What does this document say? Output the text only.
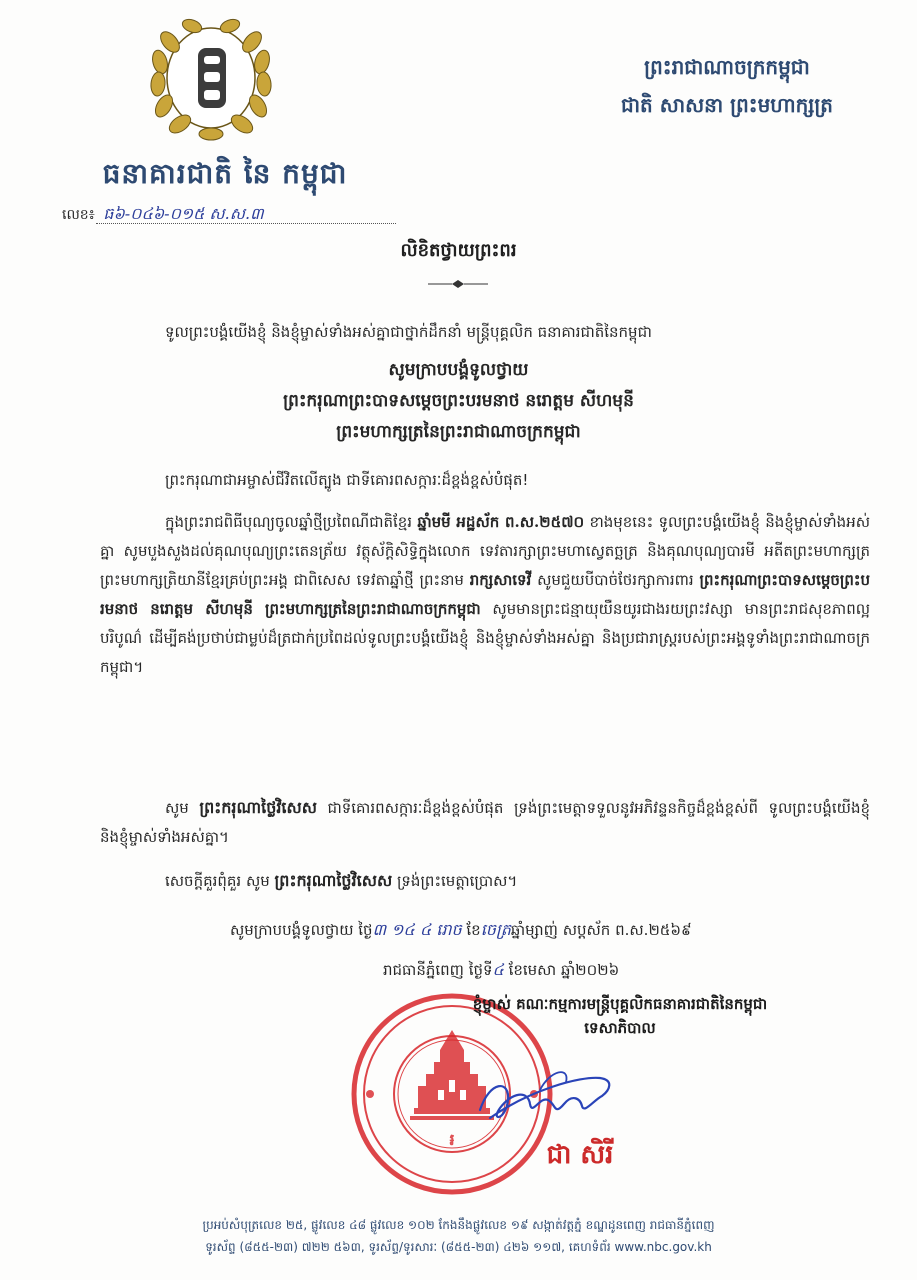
ធនាគារជាតិ នៃ កម្ពុជា
លេខ៖ ធ៦-០៤៦-០១៥ ស.ស.៣
ព្រះរាជាណាចក្រកម្ពុជា
ជាតិ សាសនា ព្រះមហាក្សត្រ
លិខិតថ្វាយព្រះពរ
ទូលព្រះបង្គំយើងខ្ញុំ និងខ្ញុំម្ចាស់ទាំងអស់គ្នាជាថ្នាក់ដឹកនាំ មន្ត្រីបុគ្គលិក ធនាគារជាតិនៃកម្ពុជា
សូមក្រាបបង្គំទូលថ្វាយ
ព្រះករុណាព្រះបាទសម្តេចព្រះបរមនាថ នរោត្តម សីហមុនី
ព្រះមហាក្សត្រនៃព្រះរាជាណាចក្រកម្ពុជា
ព្រះករុណាជាអម្ចាស់ជីវិតលើត្បូង ជាទីគោរពសក្ការៈដ៏ខ្ពង់ខ្ពស់បំផុត!
ក្នុងព្រះរាជពិធីបុណ្យចូលឆ្នាំថ្មីប្រពៃណីជាតិខ្មែរ ឆ្នាំមមី អដ្ឋស័ក ព.ស.២៥៧០ ខាងមុខនេះ ទូលព្រះបង្គំយើងខ្ញុំ និងខ្ញុំម្ចាស់ទាំងអស់គ្នា សូមបួងសួងដល់គុណបុណ្យព្រះតេនត្រ័យ វត្ថុស័ក្តិសិទ្ធិក្នុងលោក ទេវតារក្សាព្រះមហាស្វេតច្ឆត្រ និងគុណបុណ្យបារមី អតីតព្រះមហាក្សត្រ ព្រះមហាក្សត្រិយានីខ្មែរគ្រប់ព្រះអង្គ ជាពិសេស ទេវតាឆ្នាំថ្មី ព្រះនាម រាក្សសាទេវី សូមជួយបីបាច់ថែរក្សាការពារ ព្រះករុណាព្រះបាទសម្តេចព្រះបរមនាថ នរោត្តម សីហមុនី ព្រះមហាក្សត្រនៃព្រះរាជាណាចក្រកម្ពុជា សូមមានព្រះជន្មាយុយឺនយូរជាងរយព្រះវស្សា មានព្រះរាជសុខភាពល្អបរិបូណ៌ ដើម្បីគង់ប្រថាប់ជាម្លប់ដ៏ត្រជាក់ប្រពៃដល់ទូលព្រះបង្គំយើងខ្ញុំ និងខ្ញុំម្ចាស់ទាំងអស់គ្នា និងប្រជារាស្ត្ររបស់ព្រះអង្គទូទាំងព្រះរាជាណាចក្រកម្ពុជា។
សូម ព្រះករុណាថ្លៃវិសេស ជាទីគោរពសក្ការៈដ៏ខ្ពង់ខ្ពស់បំផុត ទ្រង់ព្រះមេត្តាទទួលនូវអភិវន្ទនកិច្ចដ៏ខ្ពង់ខ្ពស់ពី ទូលព្រះបង្គំយើងខ្ញុំ និងខ្ញុំម្ចាស់ទាំងអស់គ្នា។
សេចក្តីគួរពុំគួរ សូម ព្រះករុណាថ្លៃវិសេស ទ្រង់ព្រះមេត្តាប្រោស។
សូមក្រាបបង្គំទូលថ្វាយ ថ្ងៃ៣ ១៤ ៤ រោច ខែចេត្រឆ្នាំម្សាញ់ សប្តស័ក ព.ស.២៥៦៩
រាជធានីភ្នំពេញ ថ្ងៃទី៤ ខែមេសា ឆ្នាំ២០២៦
៛
ខ្ញុំម្ចាស់ គណៈកម្មការមន្ត្រីបុគ្គលិកធនាគារជាតិនៃកម្ពុជា
ទេសាភិបាល
ជា សិរី
ប្រអប់សំបុត្រលេខ ២៥, ផ្លូវលេខ ៤៨ ផ្លូវលេខ ១០២ កែងនឹងផ្លូវលេខ ១៩ សង្កាត់វត្តភ្នំ ខណ្ឌដូនពេញ រាជធានីភ្នំពេញ
ទូរស័ព្ទ (៨៥៥-២៣) ៧២២ ៥៦៣, ទូរស័ព្ទ/ទូរសារៈ (៨៥៥-២៣) ៤២៦ ១១៧, គេហទំព័រ www.nbc.gov.kh
